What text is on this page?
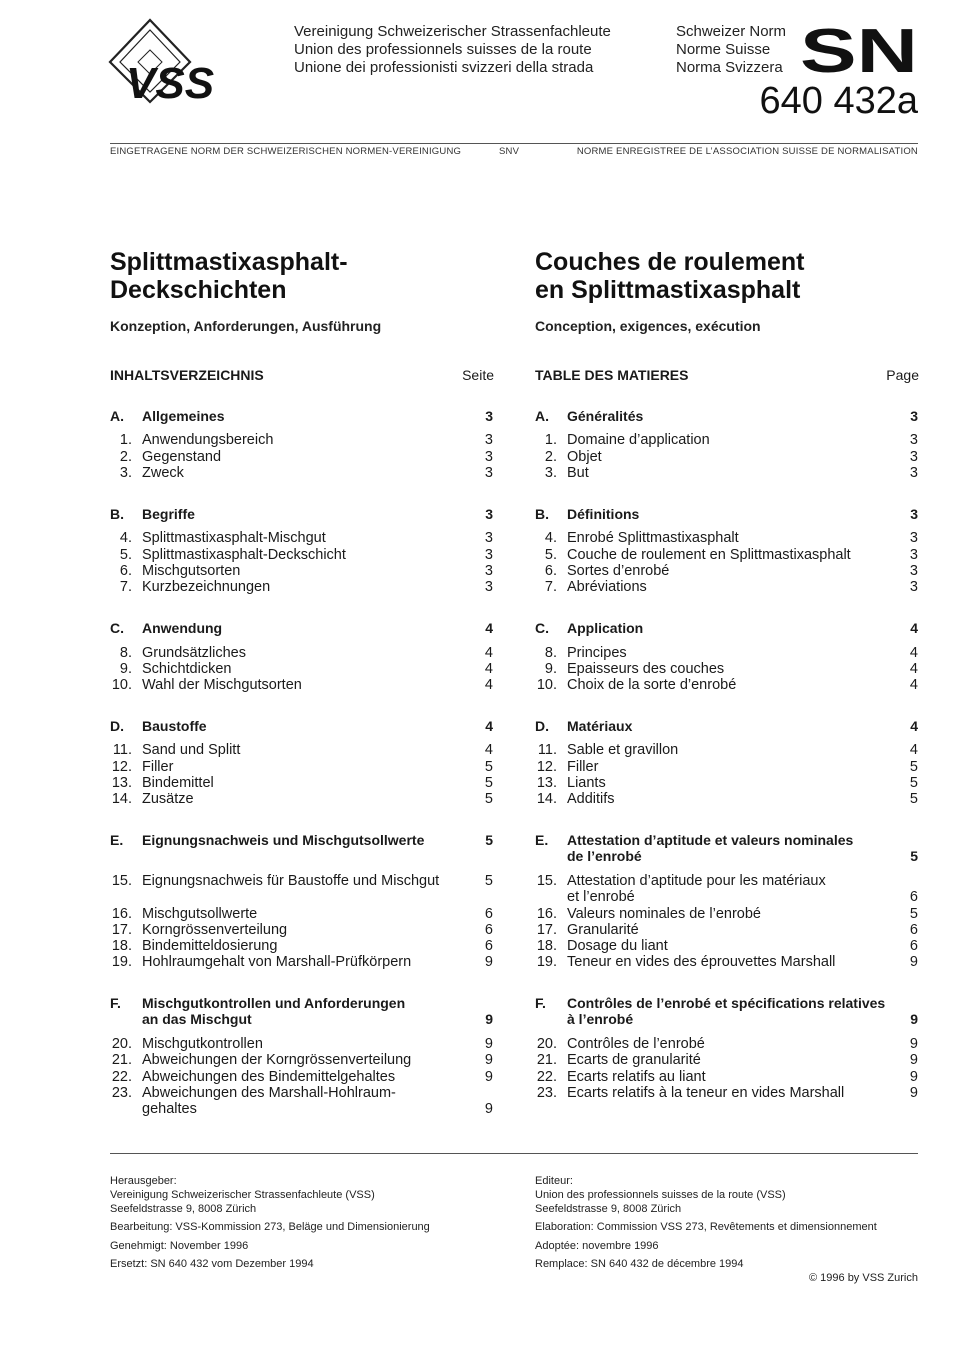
VSS
Vereinigung Schweizerischer Strassenfachleute
Union des professionnels suisses de la route
Unione dei professionisti svizzeri della strada
Schweizer Norm
Norme Suisse
Norma Svizzera SN
640 432a
EINGETRAGENE NORM DER SCHWEIZERISCHEN NORMEN-VEREINIGUNG	SNV	NORME ENREGISTREE DE L’ASSOCIATION SUISSE DE NORMALISATION
Splittmastixasphalt-
Deckschichten
Konzeption, Anforderungen, Ausführung
INHALTSVERZEICHNIS	Seite
A.	Allgemeines	3
1. Anwendungsbereich	3
2. Gegenstand	3
3. Zweck	3
B.	Begriffe	3
4. Splittmastixasphalt-Mischgut	3
5. Splittmastixasphalt-Deckschicht	3
6. Mischgutsorten	3
7. Kurzbezeichnungen	3
C.	Anwendung	4
8. Grundsätzliches	4
9. Schichtdicken	4
10. Wahl der Mischgutsorten	4
D.	Baustoffe	4
11. Sand und Splitt	4
12. Filler	5
13. Bindemittel	5
14. Zusätze	5
E.	Eignungsnachweis und Mischgutsollwerte	5
15. Eignungsnachweis für Baustoffe und Mischgut	5
16. Mischgutsollwerte	6
17. Korngrössenverteilung	6
18. Bindemitteldosierung	6
19. Hohlraumgehalt von Marshall-Prüfkörpern	9
F.	Mischgutkontrollen und Anforderungen
an das Mischgut	9
20. Mischgutkontrollen	9
21. Abweichungen der Korngrössenverteilung	9
22. Abweichungen des Bindemittelgehaltes	9
23. Abweichungen des Marshall-Hohlraum-
gehaltes	9
Herausgeber:
Vereinigung Schweizerischer Strassenfachleute (VSS)
Seefeldstrasse 9, 8008 Zürich
Bearbeitung: VSS-Kommission 273, Beläge und Dimensionierung
Genehmigt: November 1996
Ersetzt: SN 640 432 vom Dezember 1994
Couches de roulement
en Splittmastixasphalt
Conception, exigences, exécution
TABLE DES MATIERES	Page
A.	Généralités	3
1. Domaine d’application	3
2. Objet	3
3. But	3
B.	Définitions	3
4. Enrobé Splittmastixasphalt	3
5. Couche de roulement en Splittmastixasphalt	3
6. Sortes d’enrobé	3
7. Abréviations	3
C.	Application	4
8. Principes	4
9. Epaisseurs des couches	4
10. Choix de la sorte d’enrobé	4
D.	Matériaux	4
11. Sable et gravillon	4
12. Filler	5
13. Liants	5
14. Additifs	5
E.	Attestation d’aptitude et valeurs nominales
de l’enrobé	5
15. Attestation d’aptitude pour les matériaux
et l’enrobé	6
16. Valeurs nominales de l’enrobé	5
17. Granularité	6
18. Dosage du liant	6
19. Teneur en vides des éprouvettes Marshall	9
F.	Contrôles de l’enrobé et spécifications relatives
à l’enrobé	9
20. Contrôles de l’enrobé	9
21. Ecarts de granularité	9
22. Ecarts relatifs au liant	9
23. Ecarts relatifs à la teneur en vides Marshall	9
Editeur:
Union des professionnels suisses de la route (VSS)
Seefeldstrasse 9, 8008 Zürich
Elaboration: Commission VSS 273, Revêtements et dimensionnement
Adoptée: novembre 1996
Remplace: SN 640 432 de décembre 1994
© 1996 by VSS Zurich
